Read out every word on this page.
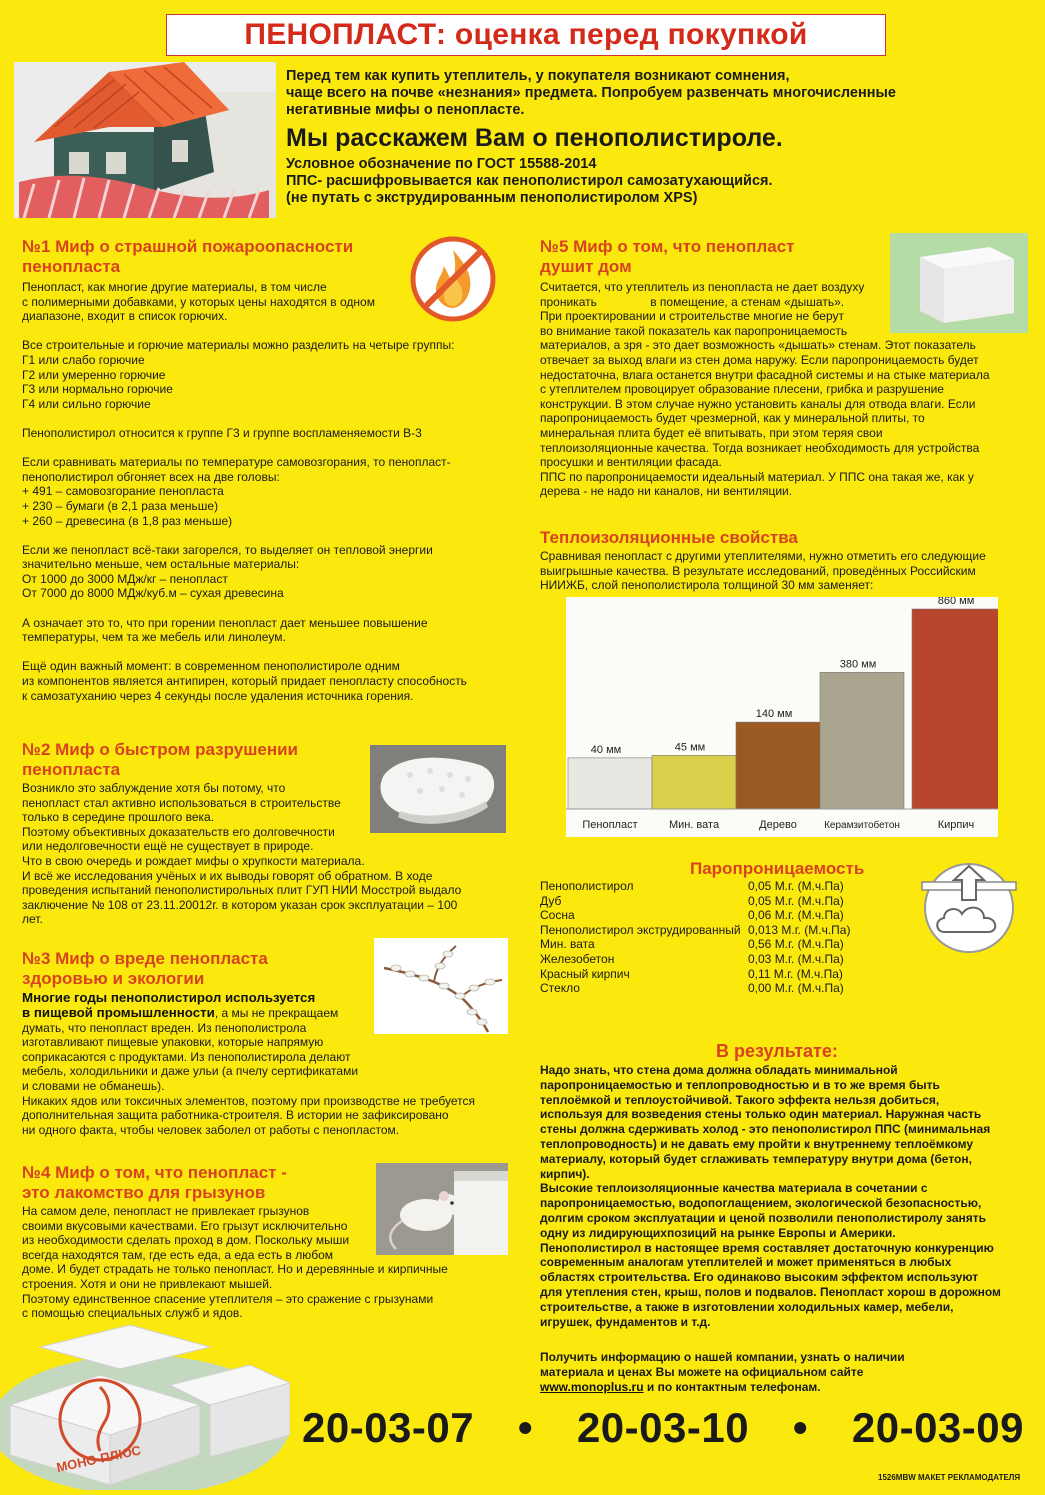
ПЕНОПЛАСТ: оценка перед покупкой
Перед тем как купить утеплитель, у покупателя возникают сомнения,
чаще всего на почве «незнания» предмета. Попробуем развенчать многочисленные
негативные мифы о пенопласте.
Мы расскажем Вам о пенополистироле.
Условное обозначение по ГОСТ 15588-2014
ППС- расшифровывается как пенополистирол самозатухающийся.
(не путать с экструдированным пенополистиролом XPS)
№1 Миф о страшной пожароопасности
пенопласта
Пенопласт, как многие другие материалы, в том числе
с полимерными добавками, у которых цены находятся в одном
диапазоне, входит в список горючих.
Все строительные и горючие материалы можно разделить на четыре группы:
Г1 или слабо горючие
Г2 или умеренно горючие
Г3 или нормально горючие
Г4 или сильно горючие
Пенополистирол относится к группе Г3 и группе воспламеняемости В-3
Если сравнивать материалы по температуре самовозгорания, то пенопласт-
пенополистирол обгоняет всех на две головы:
+ 491 – самовозгорание пенопласта
+ 230 – бумаги (в 2,1 раза меньше)
+ 260 – древесина (в 1,8 раз меньше)
Если же пенопласт всё-таки загорелся, то выделяет он тепловой энергии
значительно меньше, чем остальные материалы:
От 1000 до 3000 МДж/кг – пенопласт
От 7000 до 8000 МДж/куб.м – сухая древесина
А означает это то, что при горении пенопласт дает меньшее повышение
температуры, чем та же мебель или линолеум.
Ещё один важный момент: в современном пенополистироле одним
из компонентов является антипирен, который придает пенопласту способность
к самозатуханию через 4 секунды после удаления источника горения.
№2 Миф о быстром разрушении
пенопласта
Возникло это заблуждение хотя бы потому, что
пенопласт стал активно использоваться в строительстве
только в середине прошлого века.
Поэтому объективных доказательств его долговечности
или недолговечности ещё не существует в природе.
Что в свою очередь и рождает мифы о хрупкости материала.
И всё же исследования учёных и их выводы говорят об обратном. В ходе
проведения испытаний пенополистирольных плит ГУП НИИ Мосстрой выдало
заключение № 108 от 23.11.20012г. в котором указан срок эксплуатации – 100
лет.
№3 Миф о вреде пенопласта
здоровью и экологии
Многие годы пенополистирол используется
в пищевой промышленности, а мы не прекращаем
думать, что пенопласт вреден. Из пенополистрола
изготавливают пищевые упаковки, которые напрямую
соприкасаются с продуктами. Из пенополистирола делают
мебель, холодильники и даже ульи (а пчелу сертификатами
и словами не обманешь).
Никаких ядов или токсичных элементов, поэтому при производстве не требуется
дополнительная защита работника-строителя. В истории не зафиксировано
ни одного факта, чтобы человек заболел от работы с пенопластом.
№4 Миф о том, что пенопласт -
это лакомство для грызунов
На самом деле, пенопласт не привлекает грызунов
своими вкусовыми качествами. Его грызут исключительно
из необходимости сделать проход в дом. Поскольку мыши
всегда находятся там, где есть еда, а еда есть в любом
доме. И будет страдать не только пенопласт. Но и деревянные и кирпичные
строения. Хотя и они не привлекают мышей.
Поэтому единственное спасение утеплителя – это сражение с грызунами
с помощью специальных служб и ядов.
МОНО-ПЛЮС
№5 Миф о том, что пенопласт
душит дом
Считается, что утеплитель из пенопласта не дает воздуху
проникать                в помещение, а стенам «дышать».
При проектировании и строительстве многие не берут
во внимание такой показатель как паропроницаемость
материалов, а зря - это дает возможность «дышать» стенам. Этот показатель
отвечает за выход влаги из стен дома наружу. Если паропроницаемость будет
недостаточна, влага останется внутри фасадной системы и на стыке материала
с утеплителем провоцирует образование плесени, грибка и разрушение
конструкции. В этом случае нужно установить каналы для отвода влаги. Если
паропроницаемость будет чрезмерной, как у минеральной плиты, то
минеральная плита будет её впитывать, при этом теряя свои
теплоизоляционные качества. Тогда возникает необходимость для устройства
просушки и вентиляции фасада.
ППС по паропроницаемости идеальный материал. У ППС она такая же, как у
дерева - не надо ни каналов, ни вентиляции.
Теплоизоляционные свойства
Сравнивая пенопласт с другими утеплителями, нужно отметить его следующие
выигрышные качества. В результате исследований, проведённых Российским
НИИЖБ, слой пенополистирола толщиной 30 мм заменяет:
40 мм
Пенопласт
45 мм
Мин. вата
140 мм
Дерево
380 мм
Керамзитобетон
860 мм
Кирпич
Паропроницаемость
Пенополистирол	0,05 М.г. (М.ч.Па)
Дуб	0,05 М.г. (М.ч.Па)
Сосна	0,06 М.г. (М.ч.Па)
Пенополистирол экструдированный 0,013 М.г. (М.ч.Па)
Мин. вата	0,56 М.г. (М.ч.Па)
Железобетон	0,03 М.г. (М.ч.Па)
Красный кирпич	0,11 М.г. (М.ч.Па)
Стекло	0,00 М.г. (М.ч.Па)
В результате:
Надо знать, что стена дома должна обладать минимальной
паропроницаемостью и теплопроводностью и в то же время быть
теплоёмкой и теплоустойчивой. Такого эффекта нельзя добиться,
используя для возведения стены только один материал. Наружная часть
стены должна сдерживать холод - это пенополистирол ППС (минимальная
теплопроводность) и не давать ему пройти к внутреннему теплоёмкому
материалу, который будет сглаживать температуру внутри дома (бетон,
кирпич).
Высокие теплоизоляционные качества материала в сочетании с
паропроницаемостью, водопоглащением, экологической безопасностью,
долгим сроком эксплуатации и ценой позволили пенополистиролу занять
одну из лидирующихпозиций на рынке Европы и Америки.
Пенополистирол в настоящее время составляет достаточную конкуренцию
современным аналогам утеплителей и может применяться в любых
областях строительства. Его одинаково высоким эффектом используют
для утепления стен, крыш, полов и подвалов. Пенопласт хорош в дорожном
строительстве, а также в изготовлении холодильных камер, мебели,
игрушек, фундаментов и т.д.
Получить информацию о нашей компании, узнать о наличии
материала и ценах Вы можете на официальном сайте
www.monoplus.ru и по контактным телефонам.
20-03-07 • 20-03-10 • 20-03-09
1526MBW МАКЕТ РЕКЛАМОДАТЕЛЯ
